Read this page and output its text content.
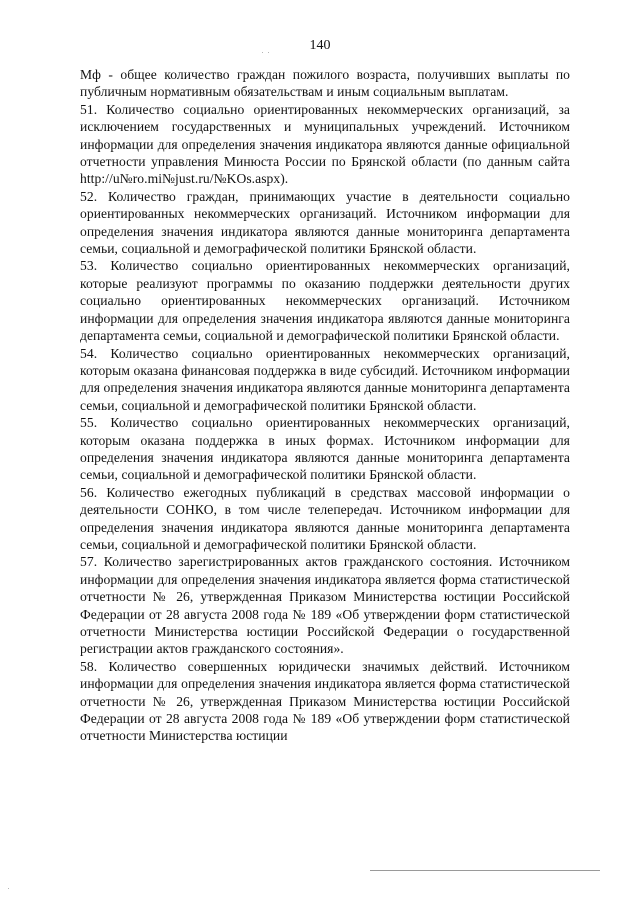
140

Мф - общее количество граждан пожилого возраста, получивших выплаты по публичным нормативным обязательствам и иным социальным выплатам.

51. Количество социально ориентированных некоммерческих организаций, за исключением государственных и муниципальных учреждений. Источником информации для определения значения индикатора являются данные официальной отчетности управления Минюста России по Брянской области (по данным сайта http://u№ro.mi№just.ru/№KOs.aspx).

52. Количество граждан, принимающих участие в деятельности социально ориентированных некоммерческих организаций. Источником информации для определения значения индикатора являются данные мониторинга департамента семьи, социальной и демографической политики Брянской области.

53. Количество социально ориентированных некоммерческих организаций, которые реализуют программы по оказанию поддержки деятельности других социально ориентированных некоммерческих организаций. Источником информации для определения значения индикатора являются данные мониторинга департамента семьи, социальной и демографической политики Брянской области.

54. Количество социально ориентированных некоммерческих организаций, которым оказана финансовая поддержка в виде субсидий. Источником информации для определения значения индикатора являются данные мониторинга департамента семьи, социальной и демографической политики Брянской области.

55. Количество социально ориентированных некоммерческих организаций, которым оказана поддержка в иных формах. Источником информации для определения значения индикатора являются данные мониторинга департамента семьи, социальной и демографической политики Брянской области.

56. Количество ежегодных публикаций в средствах массовой информации о деятельности СОНКО, в том числе телепередач. Источником информации для определения значения индикатора являются данные мониторинга департамента семьи, социальной и демографической политики Брянской области.

57. Количество зарегистрированных актов гражданского состояния. Источником информации для определения значения индикатора является форма статистической отчетности № 26, утвержденная Приказом Министерства юстиции Российской Федерации от 28 августа 2008 года № 189 «Об утверждении форм статистической отчетности Министерства юстиции Российской Федерации о государственной регистрации актов гражданского состояния».

58. Количество совершенных юридически значимых действий. Источником информации для определения значения индикатора является форма статистической отчетности № 26, утвержденная Приказом Министерства юстиции Российской Федерации от 28 августа 2008 года № 189 «Об утверждении форм статистической отчетности Министерства юстиции
